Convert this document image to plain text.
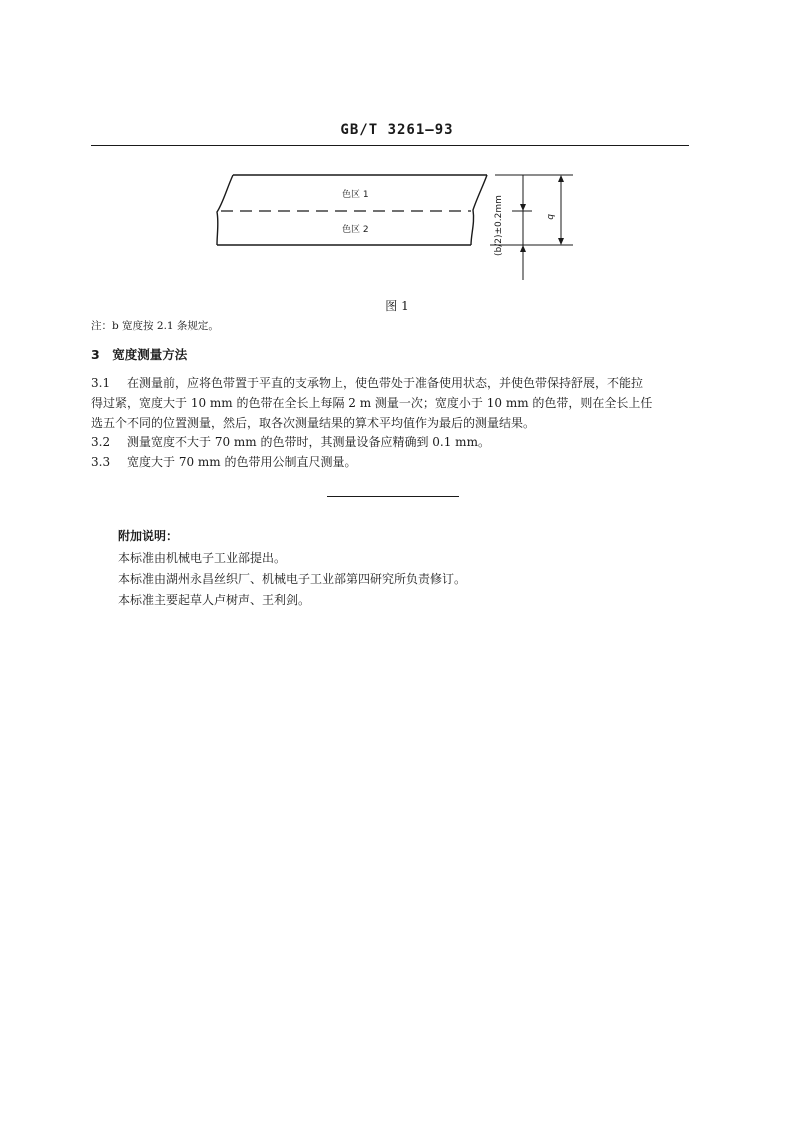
GB/T 3261—93
色区 1
色区 2
b
(b/2)±0.2mm
图 1
注：b 宽度按 2.1 条规定。
3　宽度测量方法
3.1 在测量前，应将色带置于平直的支承物上，使色带处于准备使用状态，并使色带保持舒展，不能拉
得过紧，宽度大于 10 mm 的色带在全长上每隔 2 m 测量一次；宽度小于 10 mm 的色带，则在全长上任
选五个不同的位置测量，然后，取各次测量结果的算术平均值作为最后的测量结果。
3.2 测量宽度不大于 70 mm 的色带时，其测量设备应精确到 0.1 mm。
3.3 宽度大于 70 mm 的色带用公制直尺测量。
附加说明：
本标准由机械电子工业部提出。
本标准由湖州永昌丝织厂、机械电子工业部第四研究所负责修订。
本标准主要起草人卢树声、王利剑。
